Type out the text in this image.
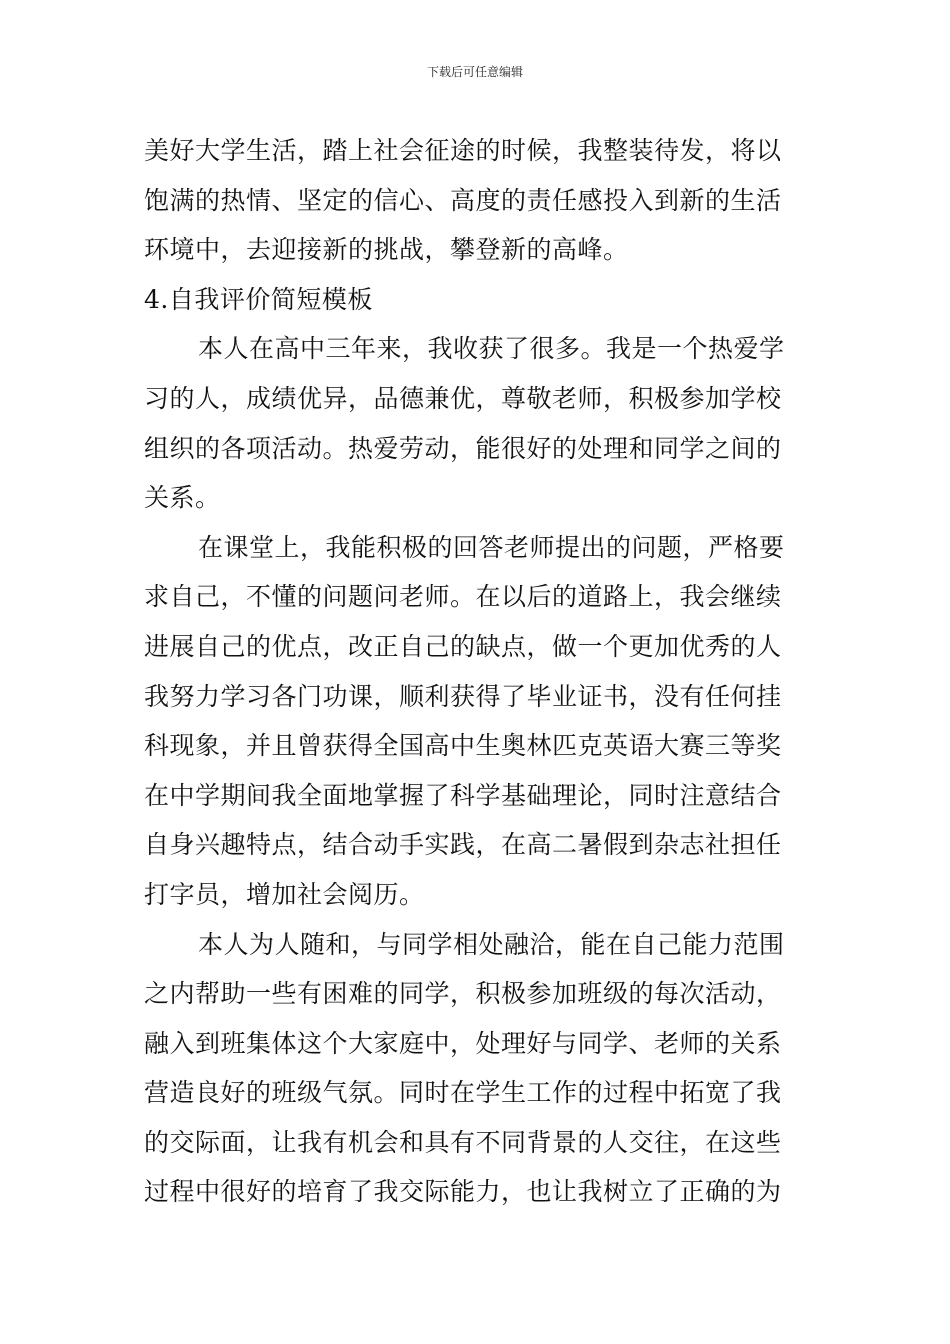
下载后可任意编辑
美好大学生活，踏上社会征途的时候，我整装待发，将以
饱满的热情、坚定的信心、高度的责任感投入到新的生活
环境中，去迎接新的挑战，攀登新的高峰。
4.自我评价简短模板
本人在高中三年来，我收获了很多。我是一个热爱学
习的人，成绩优异，品德兼优，尊敬老师，积极参加学校
组织的各项活动。热爱劳动，能很好的处理和同学之间的
关系。
在课堂上，我能积极的回答老师提出的问题，严格要
求自己，不懂的问题问老师。在以后的道路上，我会继续
进展自己的优点，改正自己的缺点，做一个更加优秀的人
我努力学习各门功课，顺利获得了毕业证书，没有任何挂
科现象，并且曾获得全国高中生奥林匹克英语大赛三等奖
在中学期间我全面地掌握了科学基础理论，同时注意结合
自身兴趣特点，结合动手实践，在高二暑假到杂志社担任
打字员，增加社会阅历。
本人为人随和，与同学相处融洽，能在自己能力范围
之内帮助一些有困难的同学，积极参加班级的每次活动，
融入到班集体这个大家庭中，处理好与同学、老师的关系
营造良好的班级气氛。同时在学生工作的过程中拓宽了我
的交际面，让我有机会和具有不同背景的人交往，在这些
过程中很好的培育了我交际能力，也让我树立了正确的为
